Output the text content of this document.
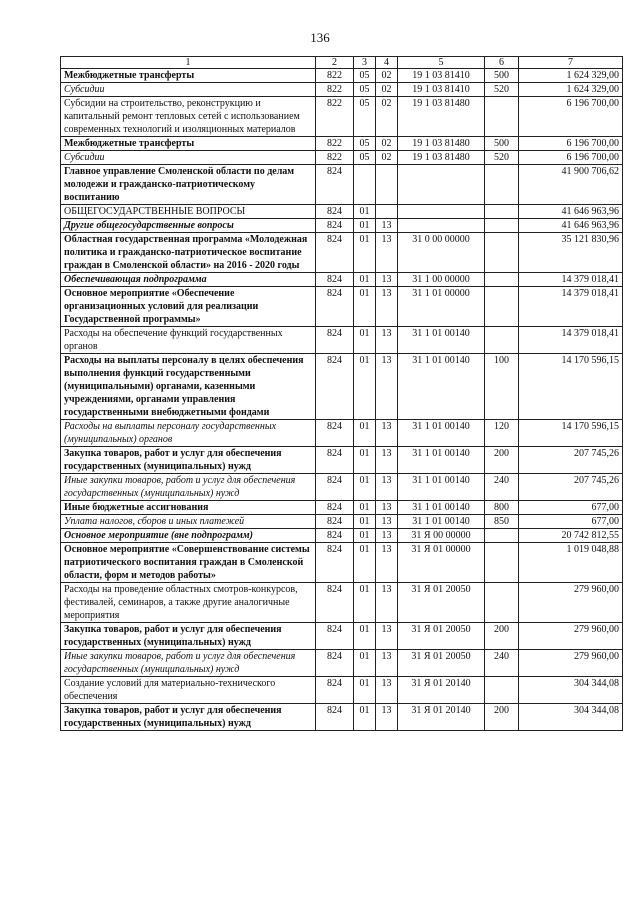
136
1	2	3	4	5	6	7
Межбюджетные трансферты	822	05	02	19 1 03 81410	500	1 624 329,00
Субсидии	822	05	02	19 1 03 81410	520	1 624 329,00
Субсидии на строительство, реконструкцию и капитальный ремонт тепловых сетей с использованием современных технологий и изоляционных материалов	822	05	02	19 1 03 81480		6 196 700,00
Межбюджетные трансферты	822	05	02	19 1 03 81480	500	6 196 700,00
Субсидии	822	05	02	19 1 03 81480	520	6 196 700,00
Главное управление Смоленской области по делам молодежи и гражданско-патриотическому воспитанию	824					41 900 706,62
ОБЩЕГОСУДАРСТВЕННЫЕ ВОПРОСЫ	824	01				41 646 963,96
Другие общегосударственные вопросы	824	01	13			41 646 963,96
Областная государственная программа «Молодежная политика и гражданско-патриотическое воспитание граждан в Смоленской области» на 2016 - 2020 годы	824	01	13	31 0 00 00000		35 121 830,96
Обеспечивающая подпрограмма	824	01	13	31 1 00 00000		14 379 018,41
Основное мероприятие «Обеспечение организационных условий для реализации Государственной программы»	824	01	13	31 1 01 00000		14 379 018,41
Расходы на обеспечение функций государственных органов	824	01	13	31 1 01 00140		14 379 018,41
Расходы на выплаты персоналу в целях обеспечения выполнения функций государственными (муниципальными) органами, казенными учреждениями, органами управления государственными внебюджетными фондами	824	01	13	31 1 01 00140	100	14 170 596,15
Расходы на выплаты персоналу государственных (муниципальных) органов	824	01	13	31 1 01 00140	120	14 170 596,15
Закупка товаров, работ и услуг для обеспечения государственных (муниципальных) нужд	824	01	13	31 1 01 00140	200	207 745,26
Иные закупки товаров, работ и услуг для обеспечения государственных (муниципальных) нужд	824	01	13	31 1 01 00140	240	207 745,26
Иные бюджетные ассигнования	824	01	13	31 1 01 00140	800	677,00
Уплата налогов, сборов и иных платежей	824	01	13	31 1 01 00140	850	677,00
Основное мероприятие (вне подпрограмм)	824	01	13	31 Я 00 00000		20 742 812,55
Основное мероприятие «Совершенствование системы патриотического воспитания граждан в Смоленской области, форм и методов работы»	824	01	13	31 Я 01 00000		1 019 048,88
Расходы на проведение областных смотров-конкурсов, фестивалей, семинаров, а также другие аналогичные мероприятия	824	01	13	31 Я 01 20050		279 960,00
Закупка товаров, работ и услуг для обеспечения государственных (муниципальных) нужд	824	01	13	31 Я 01 20050	200	279 960,00
Иные закупки товаров, работ и услуг для обеспечения государственных (муниципальных) нужд	824	01	13	31 Я 01 20050	240	279 960,00
Создание условий для материально-технического обеспечения	824	01	13	31 Я 01 20140		304 344,08
Закупка товаров, работ и услуг для обеспечения государственных (муниципальных) нужд	824	01	13	31 Я 01 20140	200	304 344,08
